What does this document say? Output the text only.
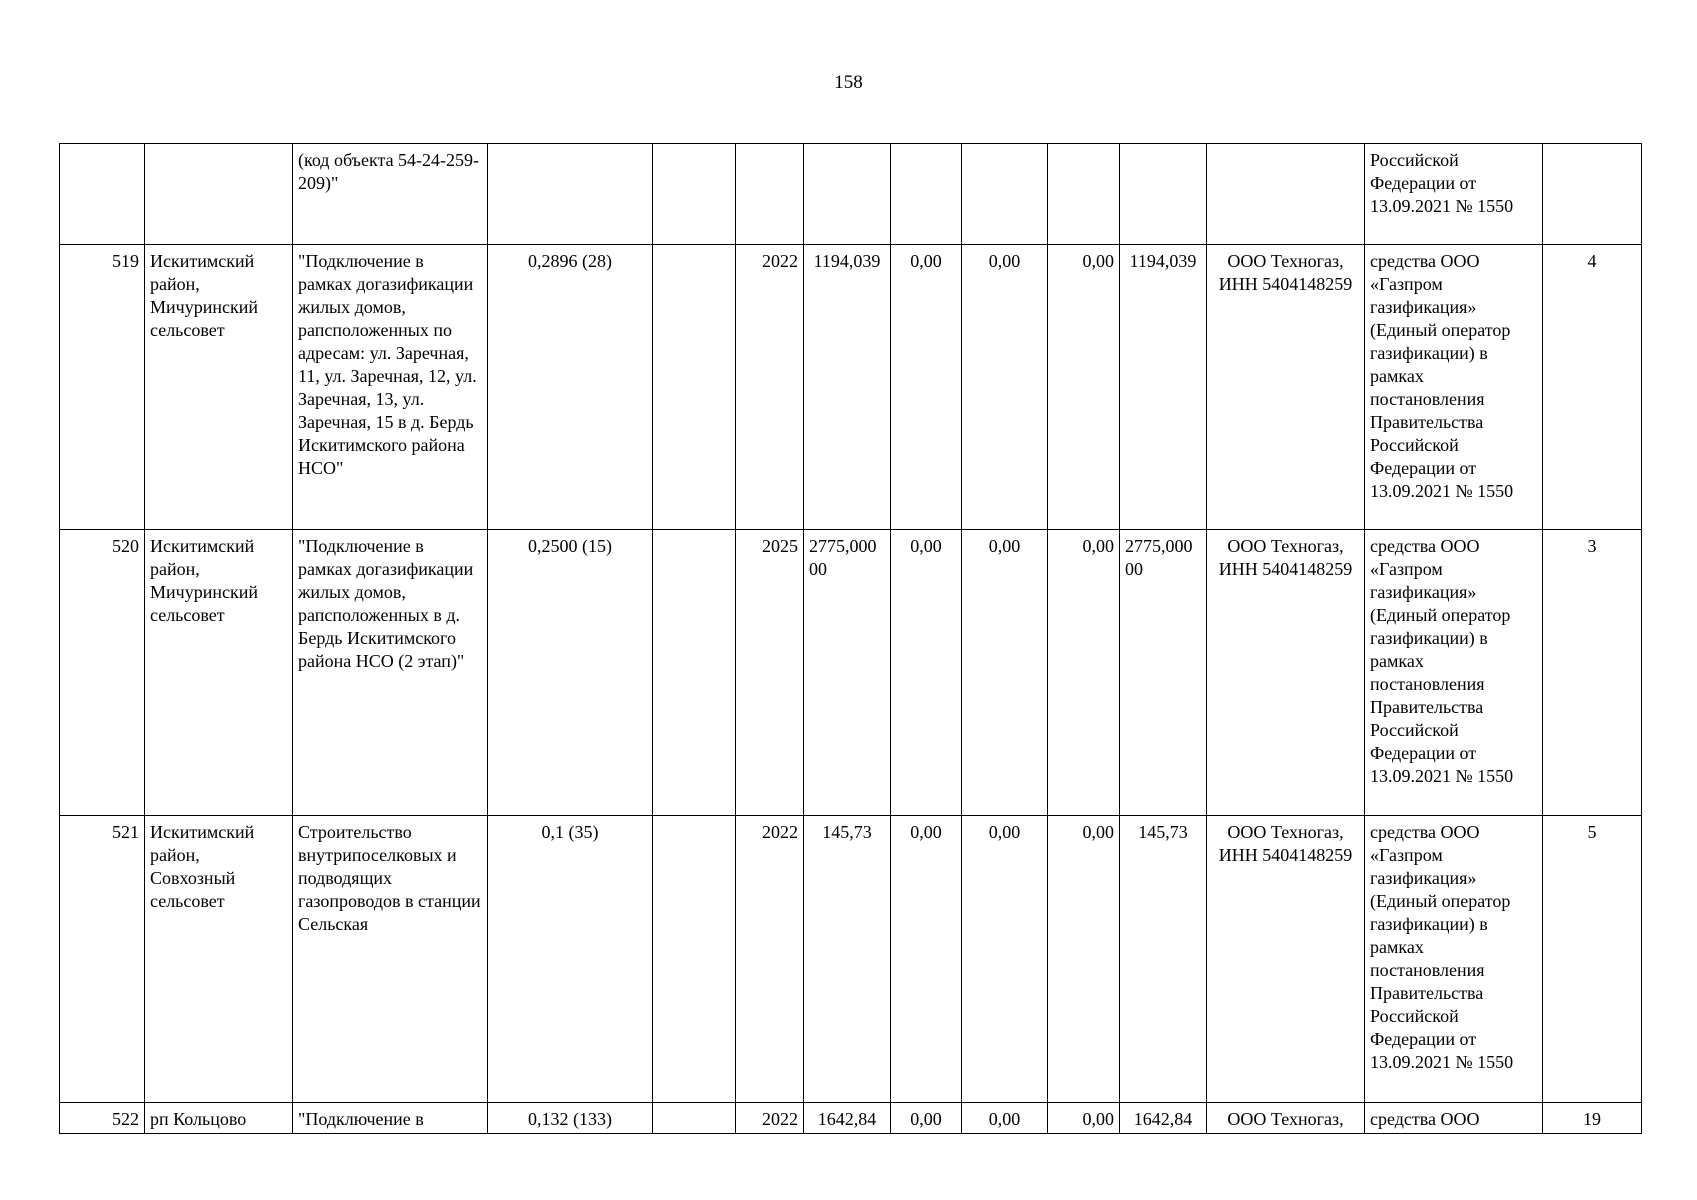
158
		(код объекта 54-24-259-209)"										Российской Федерации от 13.09.2021 № 1550	
519	Искитимский район, Мичуринский сельсовет	"Подключение в рамках догазификации жилых домов, рапсположенных по адресам: ул. Заречная, 11, ул. Заречная, 12, ул. Заречная, 13, ул. Заречная, 15 в д. Бердь Искитимского района НСО"	0,2896 (28)		2022	1194,039	0,00	0,00	0,00	1194,039	ООО Техногаз, ИНН 5404148259	средства ООО «Газпром газификация» (Единый оператор газификации) в рамках постановления Правительства Российской Федерации от 13.09.2021 № 1550	4
520	Искитимский район, Мичуринский сельсовет	"Подключение в рамках догазификации жилых домов, рапсположенных в д. Бердь Искитимского района НСО (2 этап)"	0,2500 (15)		2025	2775,00000	0,00	0,00	0,00	2775,00000	ООО Техногаз, ИНН 5404148259	средства ООО «Газпром газификация» (Единый оператор газификации) в рамках постановления Правительства Российской Федерации от 13.09.2021 № 1550	3
521	Искитимский район, Совхозный сельсовет	Строительство внутрипоселковых и подводящих газопроводов в станции Сельская	0,1 (35)		2022	145,73	0,00	0,00	0,00	145,73	ООО Техногаз, ИНН 5404148259	средства ООО «Газпром газификация» (Единый оператор газификации) в рамках постановления Правительства Российской Федерации от 13.09.2021 № 1550	5
522	рп Кольцово	"Подключение в	0,132 (133)		2022	1642,84	0,00	0,00	0,00	1642,84	ООО Техногаз,	средства ООО	19
